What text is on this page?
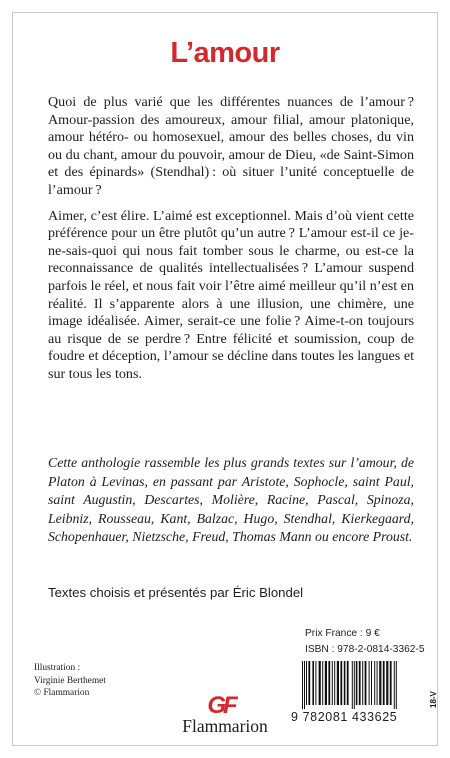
L’amour

Quoi de plus varié que les différentes nuances de l’amour ? Amour-passion des amoureux, amour filial, amour platonique, amour hétéro- ou homosexuel, amour des belles choses, du vin ou du chant, amour du pouvoir, amour de Dieu, «de Saint-Simon et des épinards» (Stendhal) : où situer l’unité conceptuelle de l’amour ?

Aimer, c’est élire. L’aimé est exceptionnel. Mais d’où vient cette préférence pour un être plutôt qu’un autre ? L’amour est-il ce je-ne-sais-quoi qui nous fait tomber sous le charme, ou est-ce la reconnaissance de qualités intellectualisées ? L’amour suspend parfois le réel, et nous fait voir l’être aimé meilleur qu’il n’est en réalité. Il s’apparente alors à une illusion, une chimère, une image idéalisée. Aimer, serait-ce une folie ? Aime-t-on toujours au risque de se perdre ? Entre félicité et soumission, coup de foudre et déception, l’amour se décline dans toutes les langues et sur tous les tons.

Cette anthologie rassemble les plus grands textes sur l’amour, de Platon à Levinas, en passant par Aristote, Sophocle, saint Paul, saint Augustin, Descartes, Molière, Racine, Pascal, Spinoza, Leibniz, Rousseau, Kant, Balzac, Hugo, Stendhal, Kierkegaard, Schopenhauer, Nietzsche, Freud, Thomas Mann ou encore Proust.

Textes choisis et présentés par Éric Blondel

Prix France : 9 €
ISBN : 978-2-0814-3362-5
9 782081 433625
Illustration :
Virginie Berthemet
© Flammarion	GF
Flammarion
18-V
